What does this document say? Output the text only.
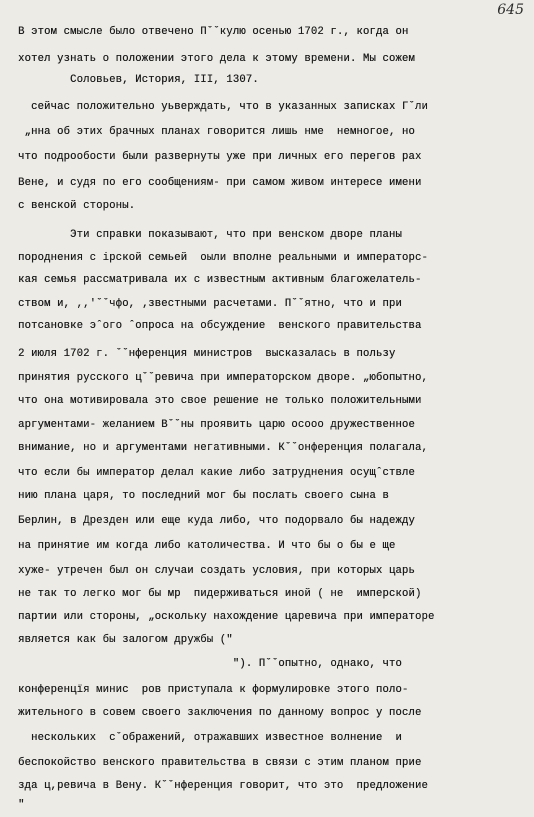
645
В этом смысле было отвечено Пˇˇкулю осенью 1702 г., когда он
хотел узнать о положении этого дела к этому времени. Мы сожем
Соловьев, История, III, 1307.
сейчас положительно уьверждать, что в указанных записках Гˇли
„нна об этих брачных планах говорится лишь нме  немногое, но
что подрообости были развернуты уже при личных его перегов рах
Вене, и судя по его сообщениям- при самом живом интересе имени
с венской стороны.
Эти справки показывают, что при венском дворе планы
породнения с ірской семьей  оыли вполне реальными и императорс-
кая семья рассматривала их с известным активным благожелатель-
ством и, ,,′ˇˇчфо, ‚звестными расчетами. Пˇˇятно, что и при
потсановке эˆого ˆопроса на обсуждение  венского правительства
2 июля 1702 г. ˇˇнференция министров  высказалась в пользу
принятия русского цˇˇревича при императорском дворе. „юбопытно,
что она мотивировала это свое решение не только положительными
аргументами- желанием Вˇˇны проявить царю осооо дружественное
внимание, но и аргументами негативными. Кˇˇонференция полагала,
что если бы император делал какие либо затруднения осущˆствле
нию плана царя, то последний мог бы послать своего сына в
Берлин, в Дрезден или еще куда либо, что подорвало бы надежду
на принятие им когда либо католичества. И что бы о бы е ще
хуже- утречен был он случаи создать условия, при которых царь
не так то легко мог бы мр  пидерживаться иной ( не  имперской)
партии или стороны, „оскольку нахождение царевича при императоре
является как бы залогом дружбы ("
"). Пˇˇопытно, однако, что
конференцїя минис  ров приступала к формулировке этого поло-
жительного в совем своего заключения по данному вопрос у после
нескольких  сˇображений, отражавших известное волнение  и
беспокойство венского правительства в связи с этим планом прие
зда ц,ревича в Вену. Кˇˇнференция говорит, что это  предложение
"
